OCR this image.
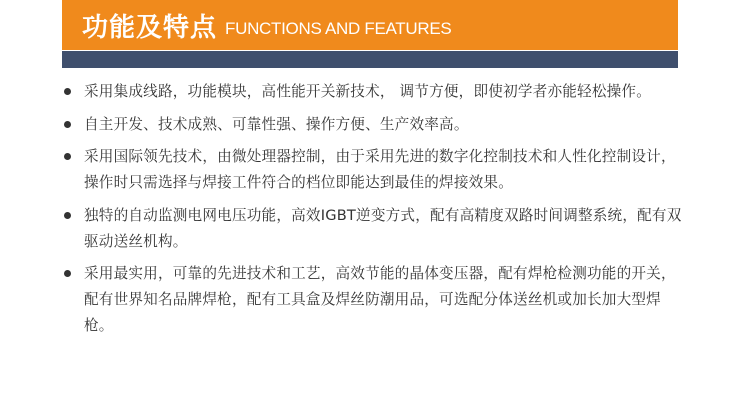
功能及特点 FUNCTIONS AND FEATURES
采用集成线路，功能模块，高性能开关新技术， 调节方便，即使初学者亦能轻松操作。
自主开发、技术成熟、可靠性强、操作方便、生产效率高。
采用国际领先技术，由微处理器控制，由于采用先进的数字化控制技术和人性化控制设计，操作时只需选择与焊接工件符合的档位即能达到最佳的焊接效果。
独特的自动监测电网电压功能，高效IGBT逆变方式，配有高精度双路时间调整系统，配有双驱动送丝机构。
采用最实用，可靠的先进技术和工艺，高效节能的晶体变压器，配有焊枪检测功能的开关，配有世界知名品牌焊枪，配有工具盒及焊丝防潮用品，可选配分体送丝机或加长加大型焊枪。
